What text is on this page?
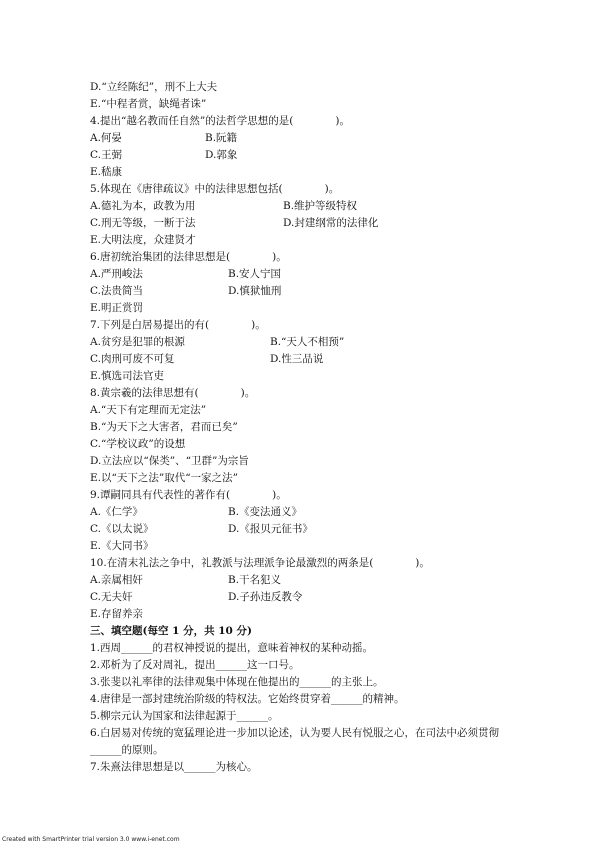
D.“立经陈纪”，刑不上大夫
E.“中程者赏，缺绳者诛”
4.提出“越名教而任自然”的法哲学思想的是(　　　　)。
A.何晏	B.阮籍
C.王弼	D.郭象
E.嵇康
5.体现在《唐律疏议》中的法律思想包括(　　　　)。
A.德礼为本，政教为用	B.维护等级特权
C.刑无等级，一断于法	D.封建纲常的法律化
E.大明法度，众建贤才
6.唐初统治集团的法律思想是(　　　　)。
A.严刑峻法	B.安人宁国
C.法贵简当	D.慎狱恤刑
E.明正赏罚
7.下列是白居易提出的有(　　　　)。
A.贫穷是犯罪的根源	B.“天人不相预”
C.肉刑可废不可复	D.性三品说
E.慎选司法官吏
8.黄宗羲的法律思想有(　　　　)。
A.“天下有定理而无定法”
B.“为天下之大害者，君而已矣”
C.“学校议政”的设想
D.立法应以“保类”、“卫群”为宗旨
E.以“天下之法”取代“一家之法”
9.谭嗣同具有代表性的著作有(　　　　)。
A.《仁学》	B.《变法通义》
C.《以太说》	D.《报贝元征书》
E.《大同书》
10.在清末礼法之争中，礼教派与法理派争论最激烈的两条是(　　　　)。
A.亲属相奸	B.干名犯义
C.无夫奸	D.子孙违反教令
E.存留养亲
三、填空题(每空 1 分，共 10 分)
1.西周______的君权神授说的提出，意味着神权的某种动摇。
2.邓析为了反对周礼，提出______这一口号。
3.张斐以礼率律的法律观集中体现在他提出的______的主张上。
4.唐律是一部封建统治阶级的特权法。它始终贯穿着______的精神。
5.柳宗元认为国家和法律起源于______。
6.白居易对传统的宽猛理论进一步加以论述，认为要人民有悦服之心，在司法中必须贯彻
______的原则。
7.朱熹法律思想是以______为核心。
Created with SmartPrinter trial version 3.0 www.i-enet.com
